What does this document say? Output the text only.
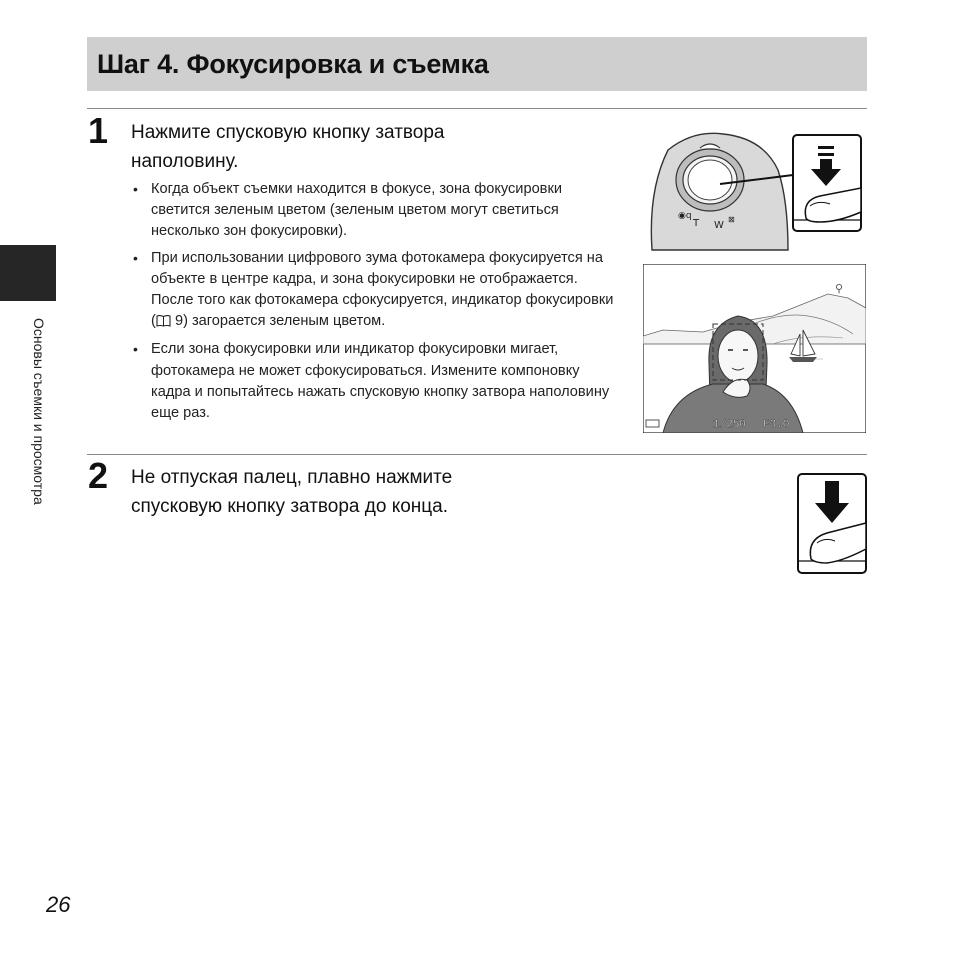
Шаг 4. Фокусировка и съемка
Основы съемки и просмотра
1 Нажмите спусковую кнопку затвора
наполовину.

• Когда объект съемки находится в фокусе, зона фокусировки светится зеленым цветом (зеленым цветом могут светиться несколько зон фокусировки).
• При использовании цифрового зума фотокамера фокусируется на объекте в центре кадра, и зона фокусировки не отображается. После того как фотокамера сфокусируется, индикатор фокусировки ( 9) загорается зеленым цветом.
• Если зона фокусировки или индикатор фокусировки мигает, фотокамера не может сфокусироваться. Измените компоновку кадра и попытайтесь нажать спусковую кнопку затвора наполовину еще раз.
◉q
T W
⊠
⚲
1/250 F3.0
2 Не отпуская палец, плавно нажмите
спусковую кнопку затвора до конца.

26
